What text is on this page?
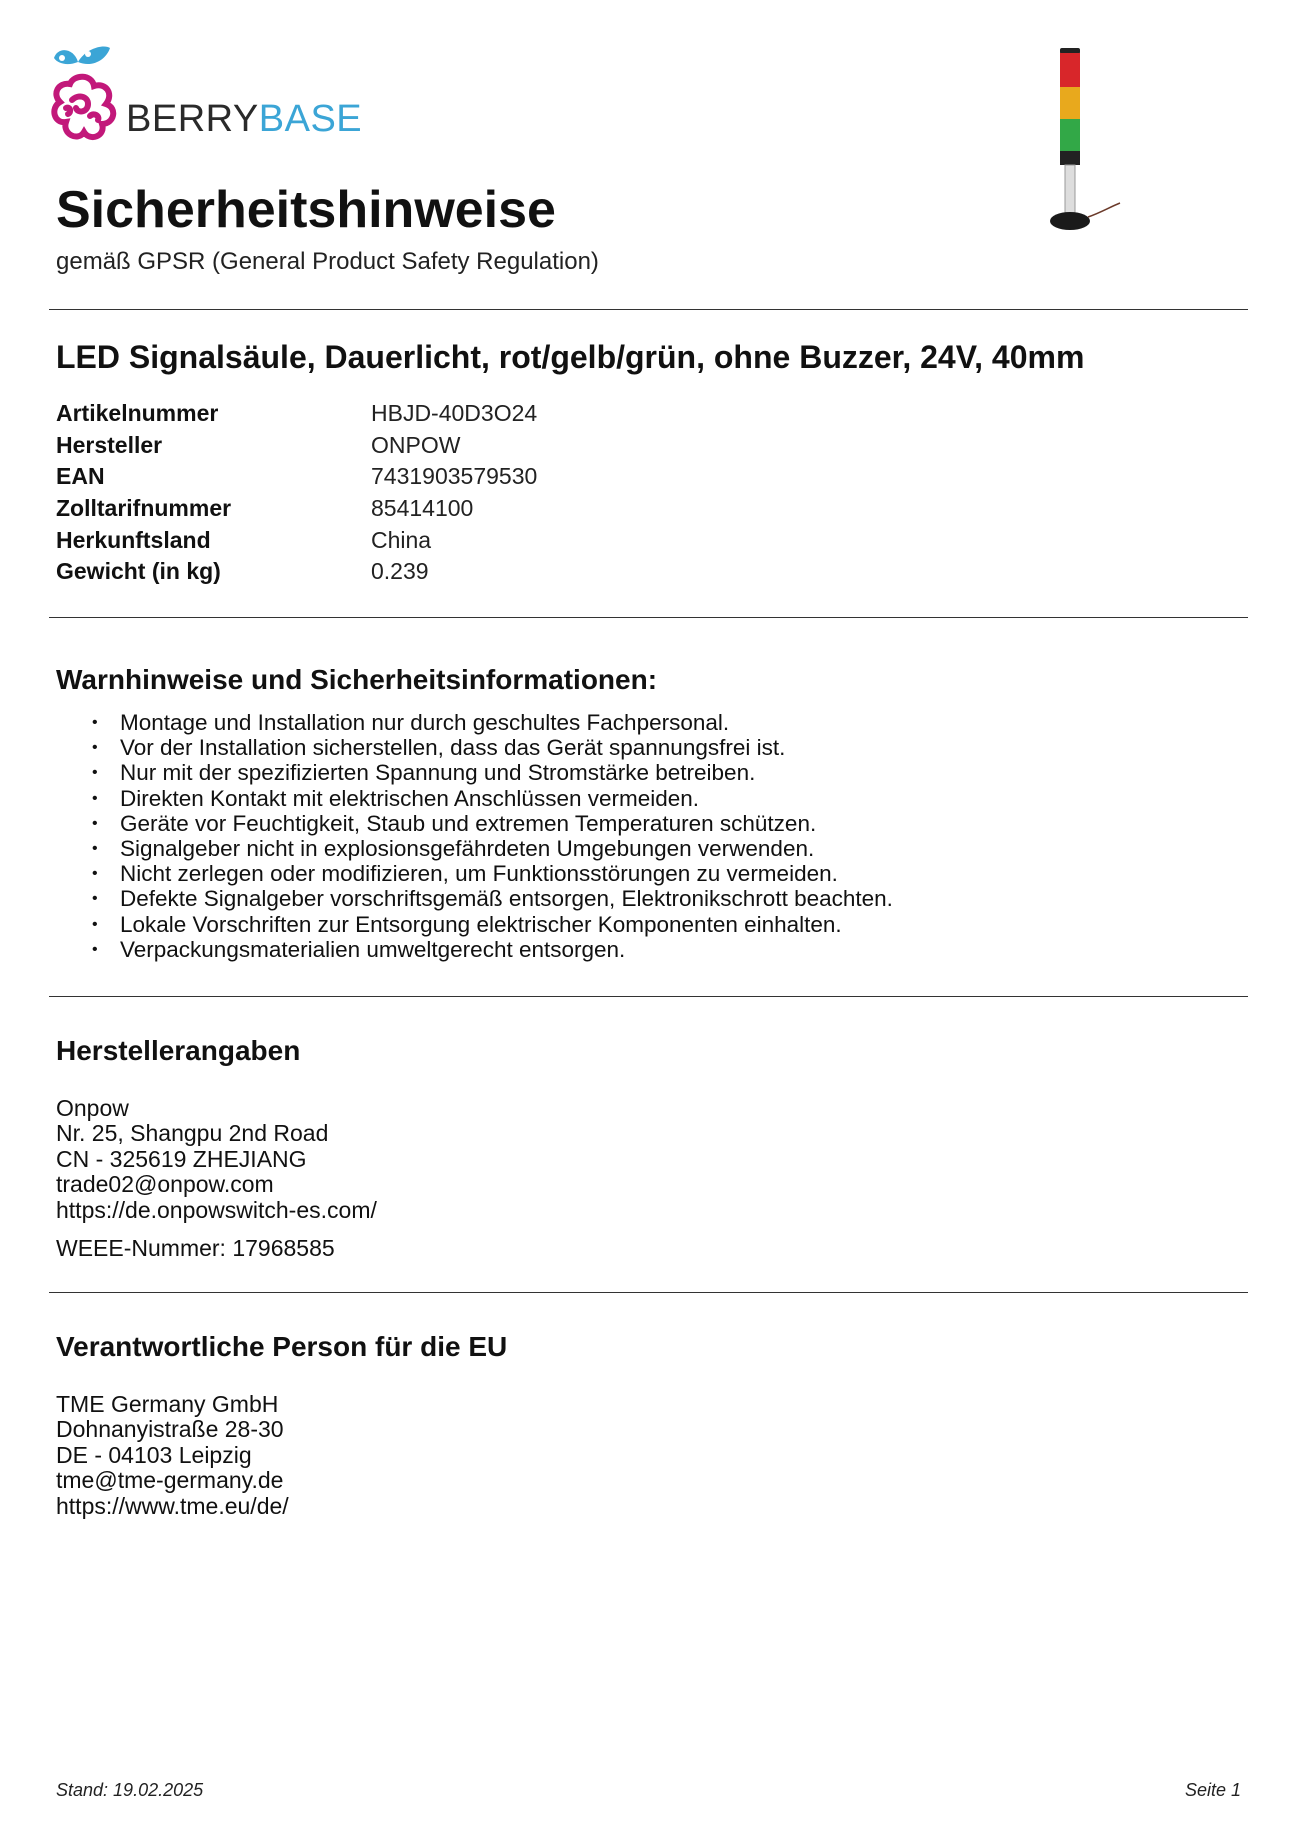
BERRYBASE
Sicherheitshinweise
gemäß GPSR (General Product Safety Regulation)
LED Signalsäule, Dauerlicht, rot/gelb/grün, ohne Buzzer, 24V, 40mm
Artikelnummer	HBJD-40D3O24
Hersteller	ONPOW
EAN	7431903579530
Zolltarifnummer	85414100
Herkunftsland	China
Gewicht (in kg)	0.239
Warnhinweise und Sicherheitsinformationen:
• Montage und Installation nur durch geschultes Fachpersonal.
• Vor der Installation sicherstellen, dass das Gerät spannungsfrei ist.
• Nur mit der spezifizierten Spannung und Stromstärke betreiben.
• Direkten Kontakt mit elektrischen Anschlüssen vermeiden.
• Geräte vor Feuchtigkeit, Staub und extremen Temperaturen schützen.
• Signalgeber nicht in explosionsgefährdeten Umgebungen verwenden.
• Nicht zerlegen oder modifizieren, um Funktionsstörungen zu vermeiden.
• Defekte Signalgeber vorschriftsgemäß entsorgen, Elektronikschrott beachten.
• Lokale Vorschriften zur Entsorgung elektrischer Komponenten einhalten.
• Verpackungsmaterialien umweltgerecht entsorgen.
Herstellerangaben
Onpow
Nr. 25, Shangpu 2nd Road
CN - 325619 ZHEJIANG
trade02@onpow.com
https://de.onpowswitch-es.com/
WEEE-Nummer: 17968585
Verantwortliche Person für die EU
TME Germany GmbH
Dohnanyistraße 28-30
DE - 04103 Leipzig
tme@tme-germany.de
https://www.tme.eu/de/
Stand: 19.02.2025	Seite 1
